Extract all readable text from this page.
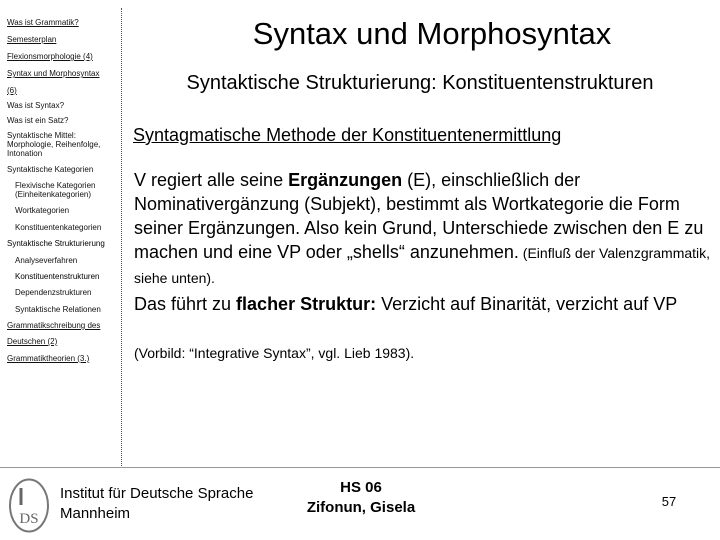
Was ist Grammatik?
Semesterplan
Flexionsmorphologie (4)
Syntax und Morphosyntax
(6)
Was ist Syntax?
Was ist ein Satz?
Syntaktische Mittel: Morphologie, Reihenfolge, Intonation
Syntaktische Kategorien
Flexivische Kategorien (Einheitenkategorien)
Wortkategorien
Konstituentenkategorien
Syntaktische Strukturierung
Analyseverfahren
Konstituentenstrukturen
Dependenzstrukturen
Syntaktische Relationen
Grammatikschreibung des
Deutschen (2)
Grammatiktheorien (3.)
Syntax und Morphosyntax
Syntaktische Strukturierung: Konstituentenstrukturen
Syntagmatische Methode der Konstituentenermittlung
V regiert alle seine Ergänzungen (E), einschließlich der Nominativergänzung (Subjekt), bestimmt als Wortkategorie die Form seiner Ergänzungen. Also kein Grund, Unterschiede zwischen den E zu machen und eine VP oder „shells“ anzunehmen. (Einfluß der Valenzgrammatik, siehe unten).
Das führt zu flacher Struktur: Verzicht auf Binarität, verzicht auf VP
(Vorbild: “Integrative Syntax”, vgl. Lieb 1983).
DS
Institut für Deutsche Sprache
Mannheim
HS 06
Zifonun, Gisela	57
